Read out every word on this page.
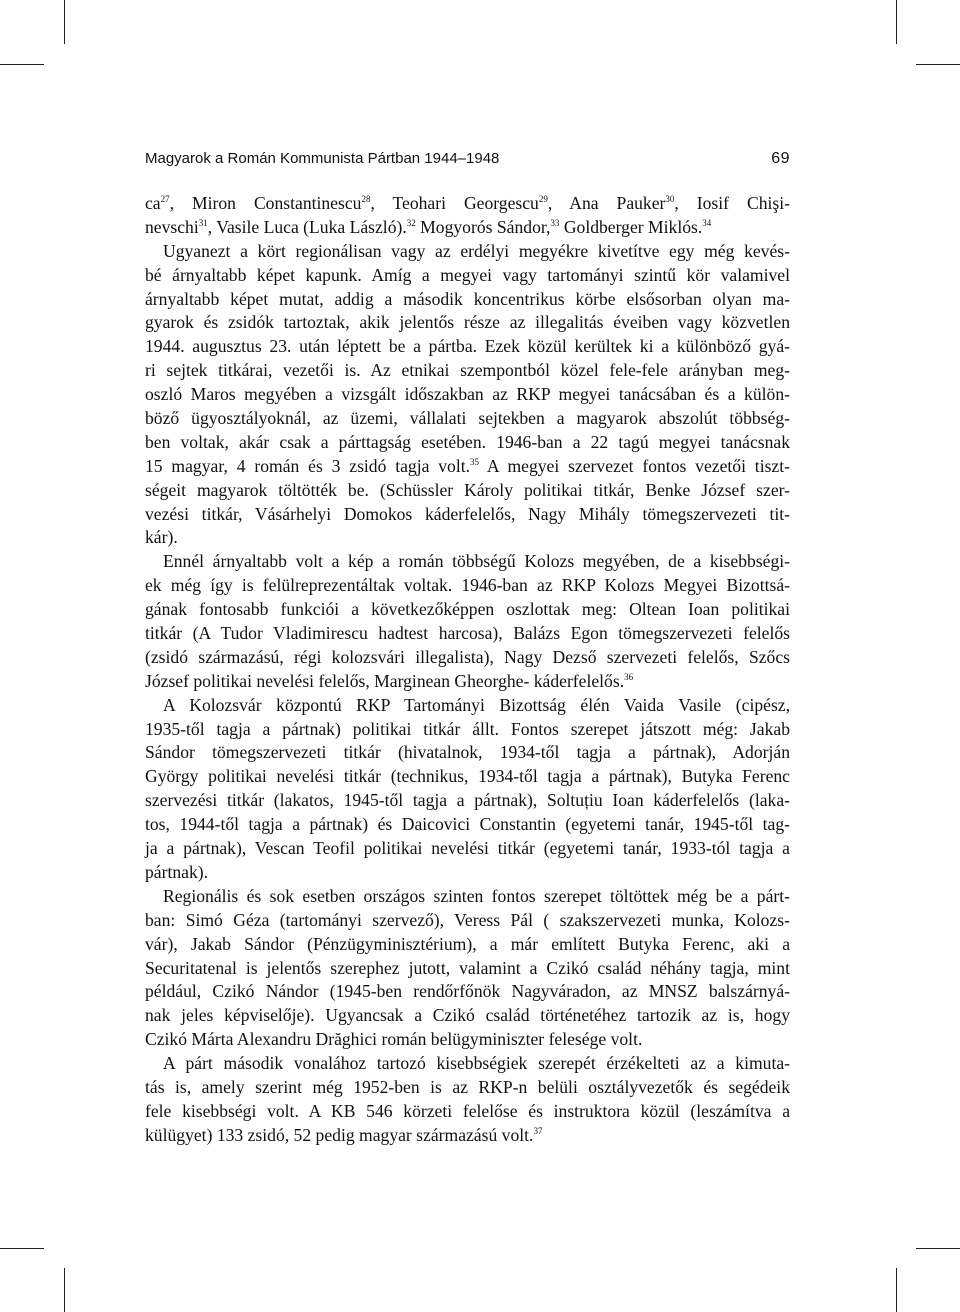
Magyarok a Román Kommunista Pártban 1944–1948	69
$ca^{27}$, Miron Constantinescu$^{28}$, Teohari Georgescu$^{29}$, Ana Pauker$^{30}$, Iosif Chişi-
nevschi$^{31}$, Vasile Luca (Luka László).$^{32}$ Mogyorós Sándor,$^{33}$ Goldberger Miklós.$^{34}$
Ugyanezt a kört regionálisan vagy az erdélyi megyékre kivetítve egy még kevés-
bé árnyaltabb képet kapunk. Amíg a megyei vagy tartományi szintű kör valamivel
árnyaltabb képet mutat, addig a második koncentrikus körbe elsősorban olyan ma-
gyarok és zsidók tartoztak, akik jelentős része az illegalitás éveiben vagy közvetlen
1944. augusztus 23. után léptett be a pártba. Ezek közül kerültek ki a különböző gyá-
ri sejtek titkárai, vezetői is. Az etnikai szempontból közel fele-fele arányban meg-
oszló Maros megyében a vizsgált időszakban az RKP megyei tanácsában és a külön-
böző ügyosztályoknál, az üzemi, vállalati sejtekben a magyarok abszolút többség-
ben voltak, akár csak a párttagság esetében. 1946-ban a 22 tagú megyei tanácsnak
15 magyar, 4 román és 3 zsidó tagja volt.$^{35}$ A megyei szervezet fontos vezetői tiszt-
ségeit magyarok töltötték be. (Schüssler Károly politikai titkár, Benke József szer-
vezési titkár, Vásárhelyi Domokos káderfelelős, Nagy Mihály tömegszervezeti tit-
kár).
Ennél árnyaltabb volt a kép a román többségű Kolozs megyében, de a kisebbségi-
ek még így is felülreprezentáltak voltak. 1946-ban az RKP Kolozs Megyei Bizottsá-
gának fontosabb funkciói a következőképpen oszlottak meg: Oltean Ioan politikai
titkár (A Tudor Vladimirescu hadtest harcosa), Balázs Egon tömegszervezeti felelős
(zsidó származású, régi kolozsvári illegalista), Nagy Dezső szervezeti felelős, Szőcs
József politikai nevelési felelős, Marginean Gheorghe- káderfelelős.$^{36}$
A Kolozsvár központú RKP Tartományi Bizottság élén Vaida Vasile (cipész,
1935-től tagja a pártnak) politikai titkár állt. Fontos szerepet játszott még: Jakab
Sándor tömegszervezeti titkár (hivatalnok, 1934-től tagja a pártnak), Adorján
György politikai nevelési titkár (technikus, 1934-től tagja a pártnak), Butyka Ferenc
szervezési titkár (lakatos, 1945-től tagja a pártnak), Soltuțiu Ioan káderfelelős (laka-
tos, 1944-től tagja a pártnak) és Daicovici Constantin (egyetemi tanár, 1945-től tag-
ja a pártnak), Vescan Teofil politikai nevelési titkár (egyetemi tanár, 1933-tól tagja a
pártnak).
Regionális és sok esetben országos szinten fontos szerepet töltöttek még be a párt-
ban: Simó Géza (tartományi szervező), Veress Pál ( szakszervezeti munka, Kolozs-
vár), Jakab Sándor (Pénzügyminisztérium), a már említett Butyka Ferenc, aki a
Securitatenal is jelentős szerephez jutott, valamint a Czikó család néhány tagja, mint
például, Czikó Nándor (1945-ben rendőrfőnök Nagyváradon, az MNSZ balszárnyá-
nak jeles képviselője). Ugyancsak a Czikó család történetéhez tartozik az is, hogy
Czikó Márta Alexandru Drăghici román belügyminiszter felesége volt.
A párt második vonalához tartozó kisebbségiek szerepét érzékelteti az a kimuta-
tás is, amely szerint még 1952-ben is az RKP-n belüli osztályvezetők és segédeik
fele kisebbségi volt. A KB 546 körzeti felelőse és instruktora közül (leszámítva a
külügyet) 133 zsidó, 52 pedig magyar származású volt.$^{37}$
